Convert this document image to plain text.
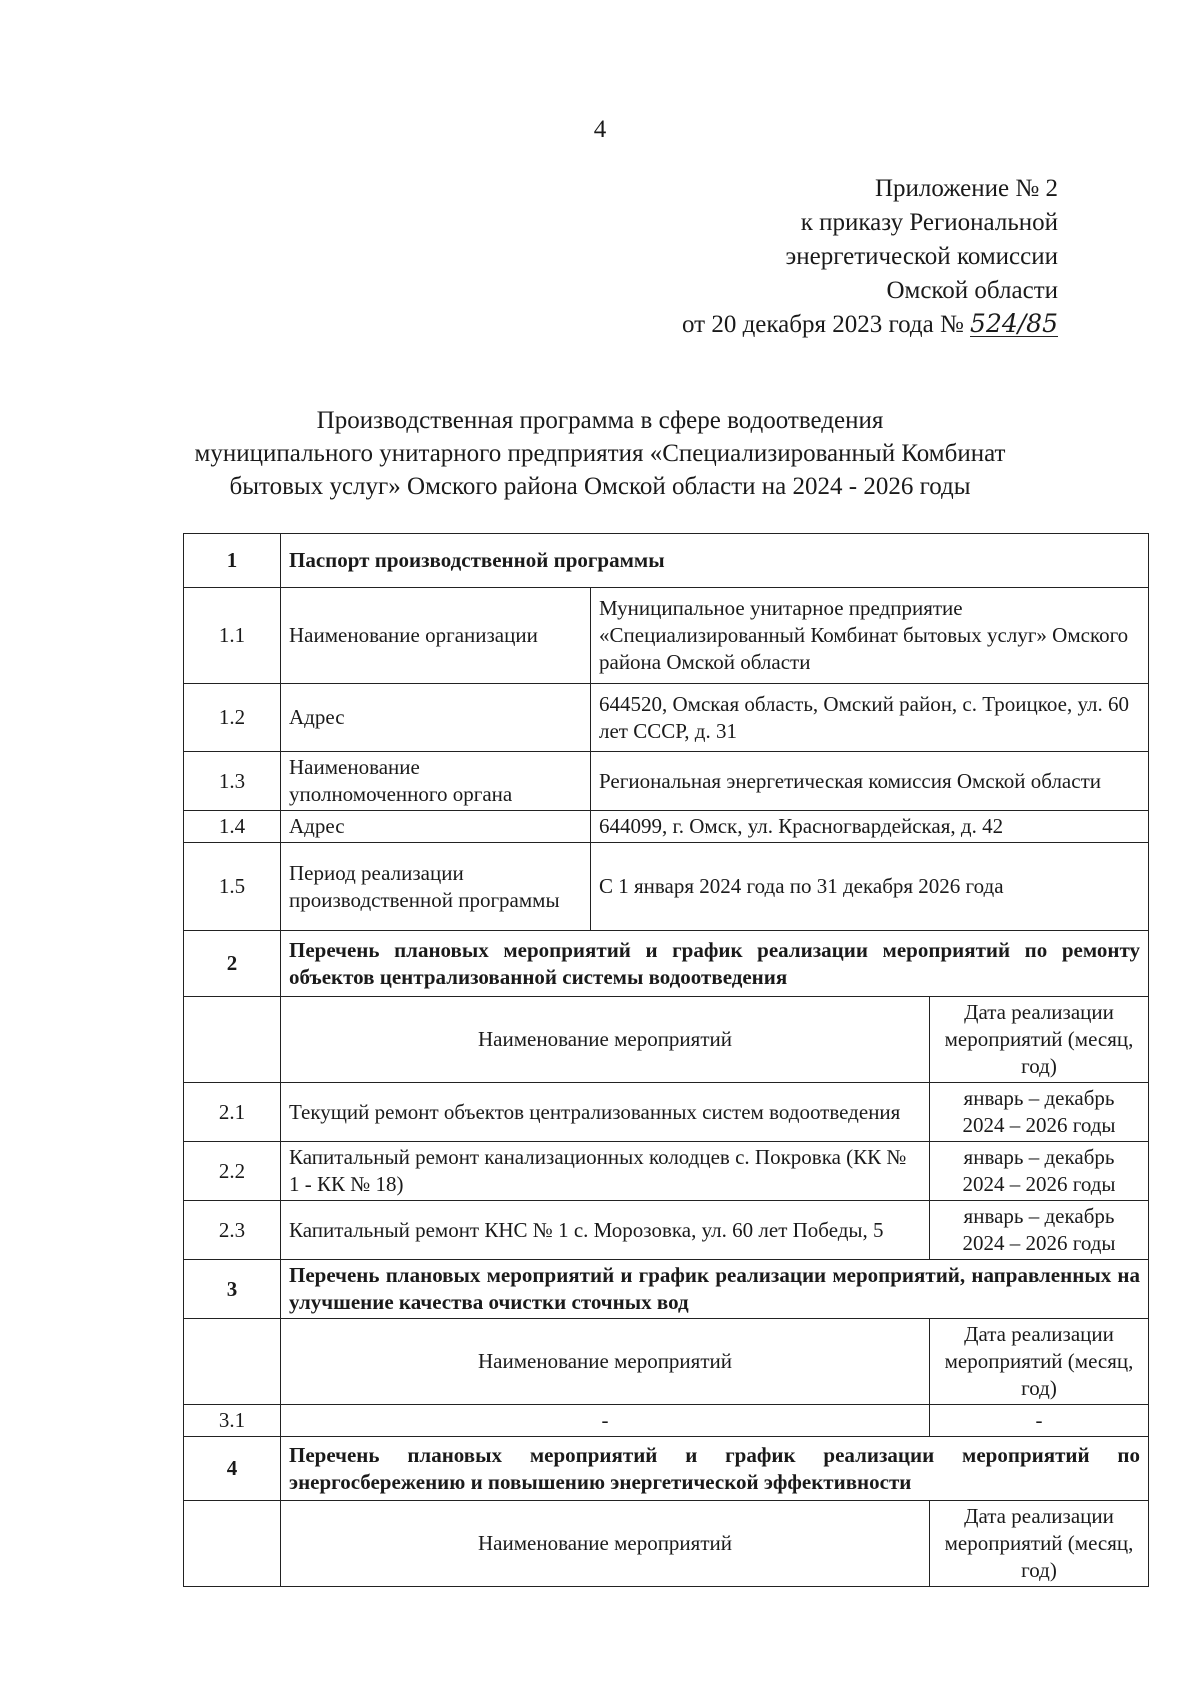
4
Приложение № 2
к приказу Региональной
энергетической комиссии
Омской области
от 20 декабря 2023 года № 524/85
Производственная программа в сфере водоотведения
муниципального унитарного предприятия «Специализированный Комбинат
бытовых услуг» Омского района Омской области на 2024 - 2026 годы
1	Паспорт производственной программы		
1.1	Наименование организации	Муниципальное унитарное предприятие «Специализированный Комбинат бытовых услуг» Омского района Омской области	
1.2	Адрес	644520, Омская область, Омский район, с. Троицкое, ул. 60 лет СССР, д. 31	
1.3	Наименование уполномоченного органа	Региональная энергетическая комиссия Омской области	
1.4	Адрес	644099, г. Омск, ул. Красногвардейская, д. 42	
1.5	Период реализации производственной программы	С 1 января 2024 года по 31 декабря 2026 года	
2	Перечень плановых мероприятий и график реализации мероприятий по ремонту объектов централизованной системы водоотведения		
	Наименование мероприятий		Дата реализации мероприятий (месяц, год)
2.1	Текущий ремонт объектов централизованных систем водоотведения		январь – декабрь
2024 – 2026 годы
2.2	Капитальный ремонт канализационных колодцев с. Покровка (КК № 1 - КК № 18)		январь – декабрь
2024 – 2026 годы
2.3	Капитальный ремонт КНС № 1 с. Морозовка, ул. 60 лет Победы, 5		январь – декабрь
2024 – 2026 годы
3	Перечень плановых мероприятий и график реализации мероприятий, направленных на улучшение качества очистки сточных вод		
	Наименование мероприятий		Дата реализации мероприятий (месяц, год)
3.1	-		-
4	Перечень плановых мероприятий и график реализации мероприятий по энергосбережению и повышению энергетической эффективности		
	Наименование мероприятий		Дата реализации мероприятий (месяц, год)
